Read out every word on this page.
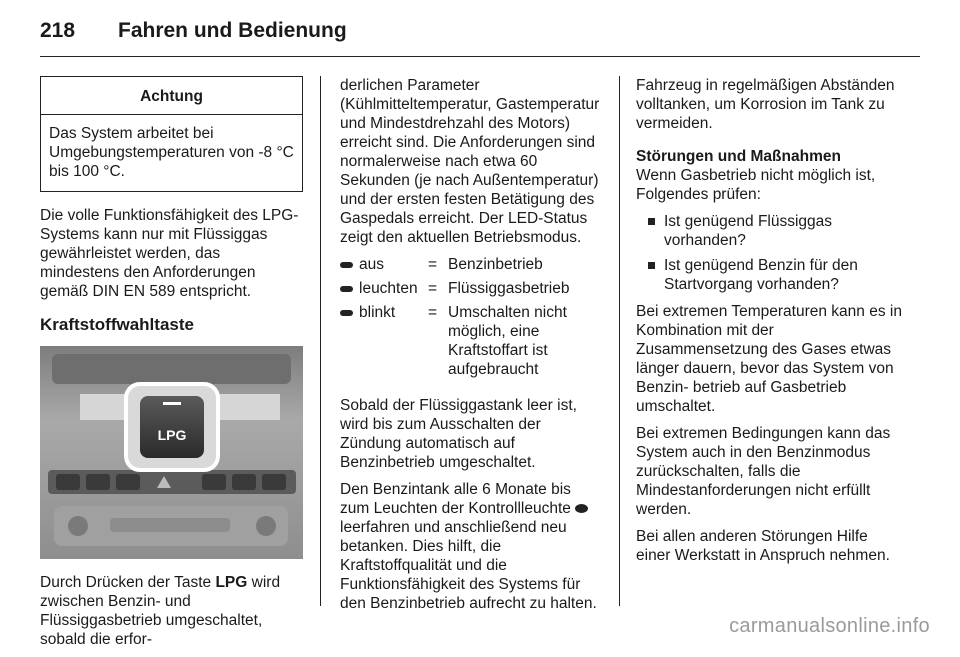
218 Fahren und Bedienung
Achtung
Das System arbeitet bei Umgebungstemperaturen von -8 °C bis 100 °C.

Die volle Funktionsfähigkeit des LPG-Systems kann nur mit Flüssiggas gewährleistet werden, das mindestens den Anforderungen gemäß DIN EN 589 entspricht.

Kraftstoffwahltaste
LPG

Durch Drücken der Taste LPG wird zwischen Benzin- und Flüssiggasbetrieb umgeschaltet, sobald die erfor-

derlichen Parameter (Kühlmitteltemperatur, Gastemperatur und Mindestdrehzahl des Motors) erreicht sind. Die Anforderungen sind normalerweise nach etwa 60 Sekunden (je nach Außentemperatur) und der ersten festen Betätigung des Gaspedals erreicht. Der LED-Status zeigt den aktuellen Betriebsmodus.

aus	=	Benzinbetrieb
leuchten	=	Flüssiggasbetrieb
blinkt	=	Umschalten nicht möglich, eine Kraftstoffart ist aufgebraucht

Sobald der Flüssiggastank leer ist, wird bis zum Ausschalten der Zündung automatisch auf Benzinbetrieb umgeschaltet.

Den Benzintank alle 6 Monate bis zum Leuchten der Kontrollleuchte  leerfahren und anschließend neu betanken. Dies hilft, die Kraftstoffqualität und die Funktionsfähigkeit des Systems für den Benzinbetrieb aufrecht zu halten.

Fahrzeug in regelmäßigen Abständen volltanken, um Korrosion im Tank zu vermeiden.

Störungen und Maßnahmen

Wenn Gasbetrieb nicht möglich ist, Folgendes prüfen:

Ist genügend Flüssiggas vorhanden?
Ist genügend Benzin für den Startvorgang vorhanden?

Bei extremen Temperaturen kann es in Kombination mit der Zusammensetzung des Gases etwas länger dauern, bevor das System von Benzin- betrieb auf Gasbetrieb umschaltet.

Bei extremen Bedingungen kann das System auch in den Benzinmodus zurückschalten, falls die Mindestanforderungen nicht erfüllt werden.

Bei allen anderen Störungen Hilfe einer Werkstatt in Anspruch nehmen.

carmanualsonline.info
